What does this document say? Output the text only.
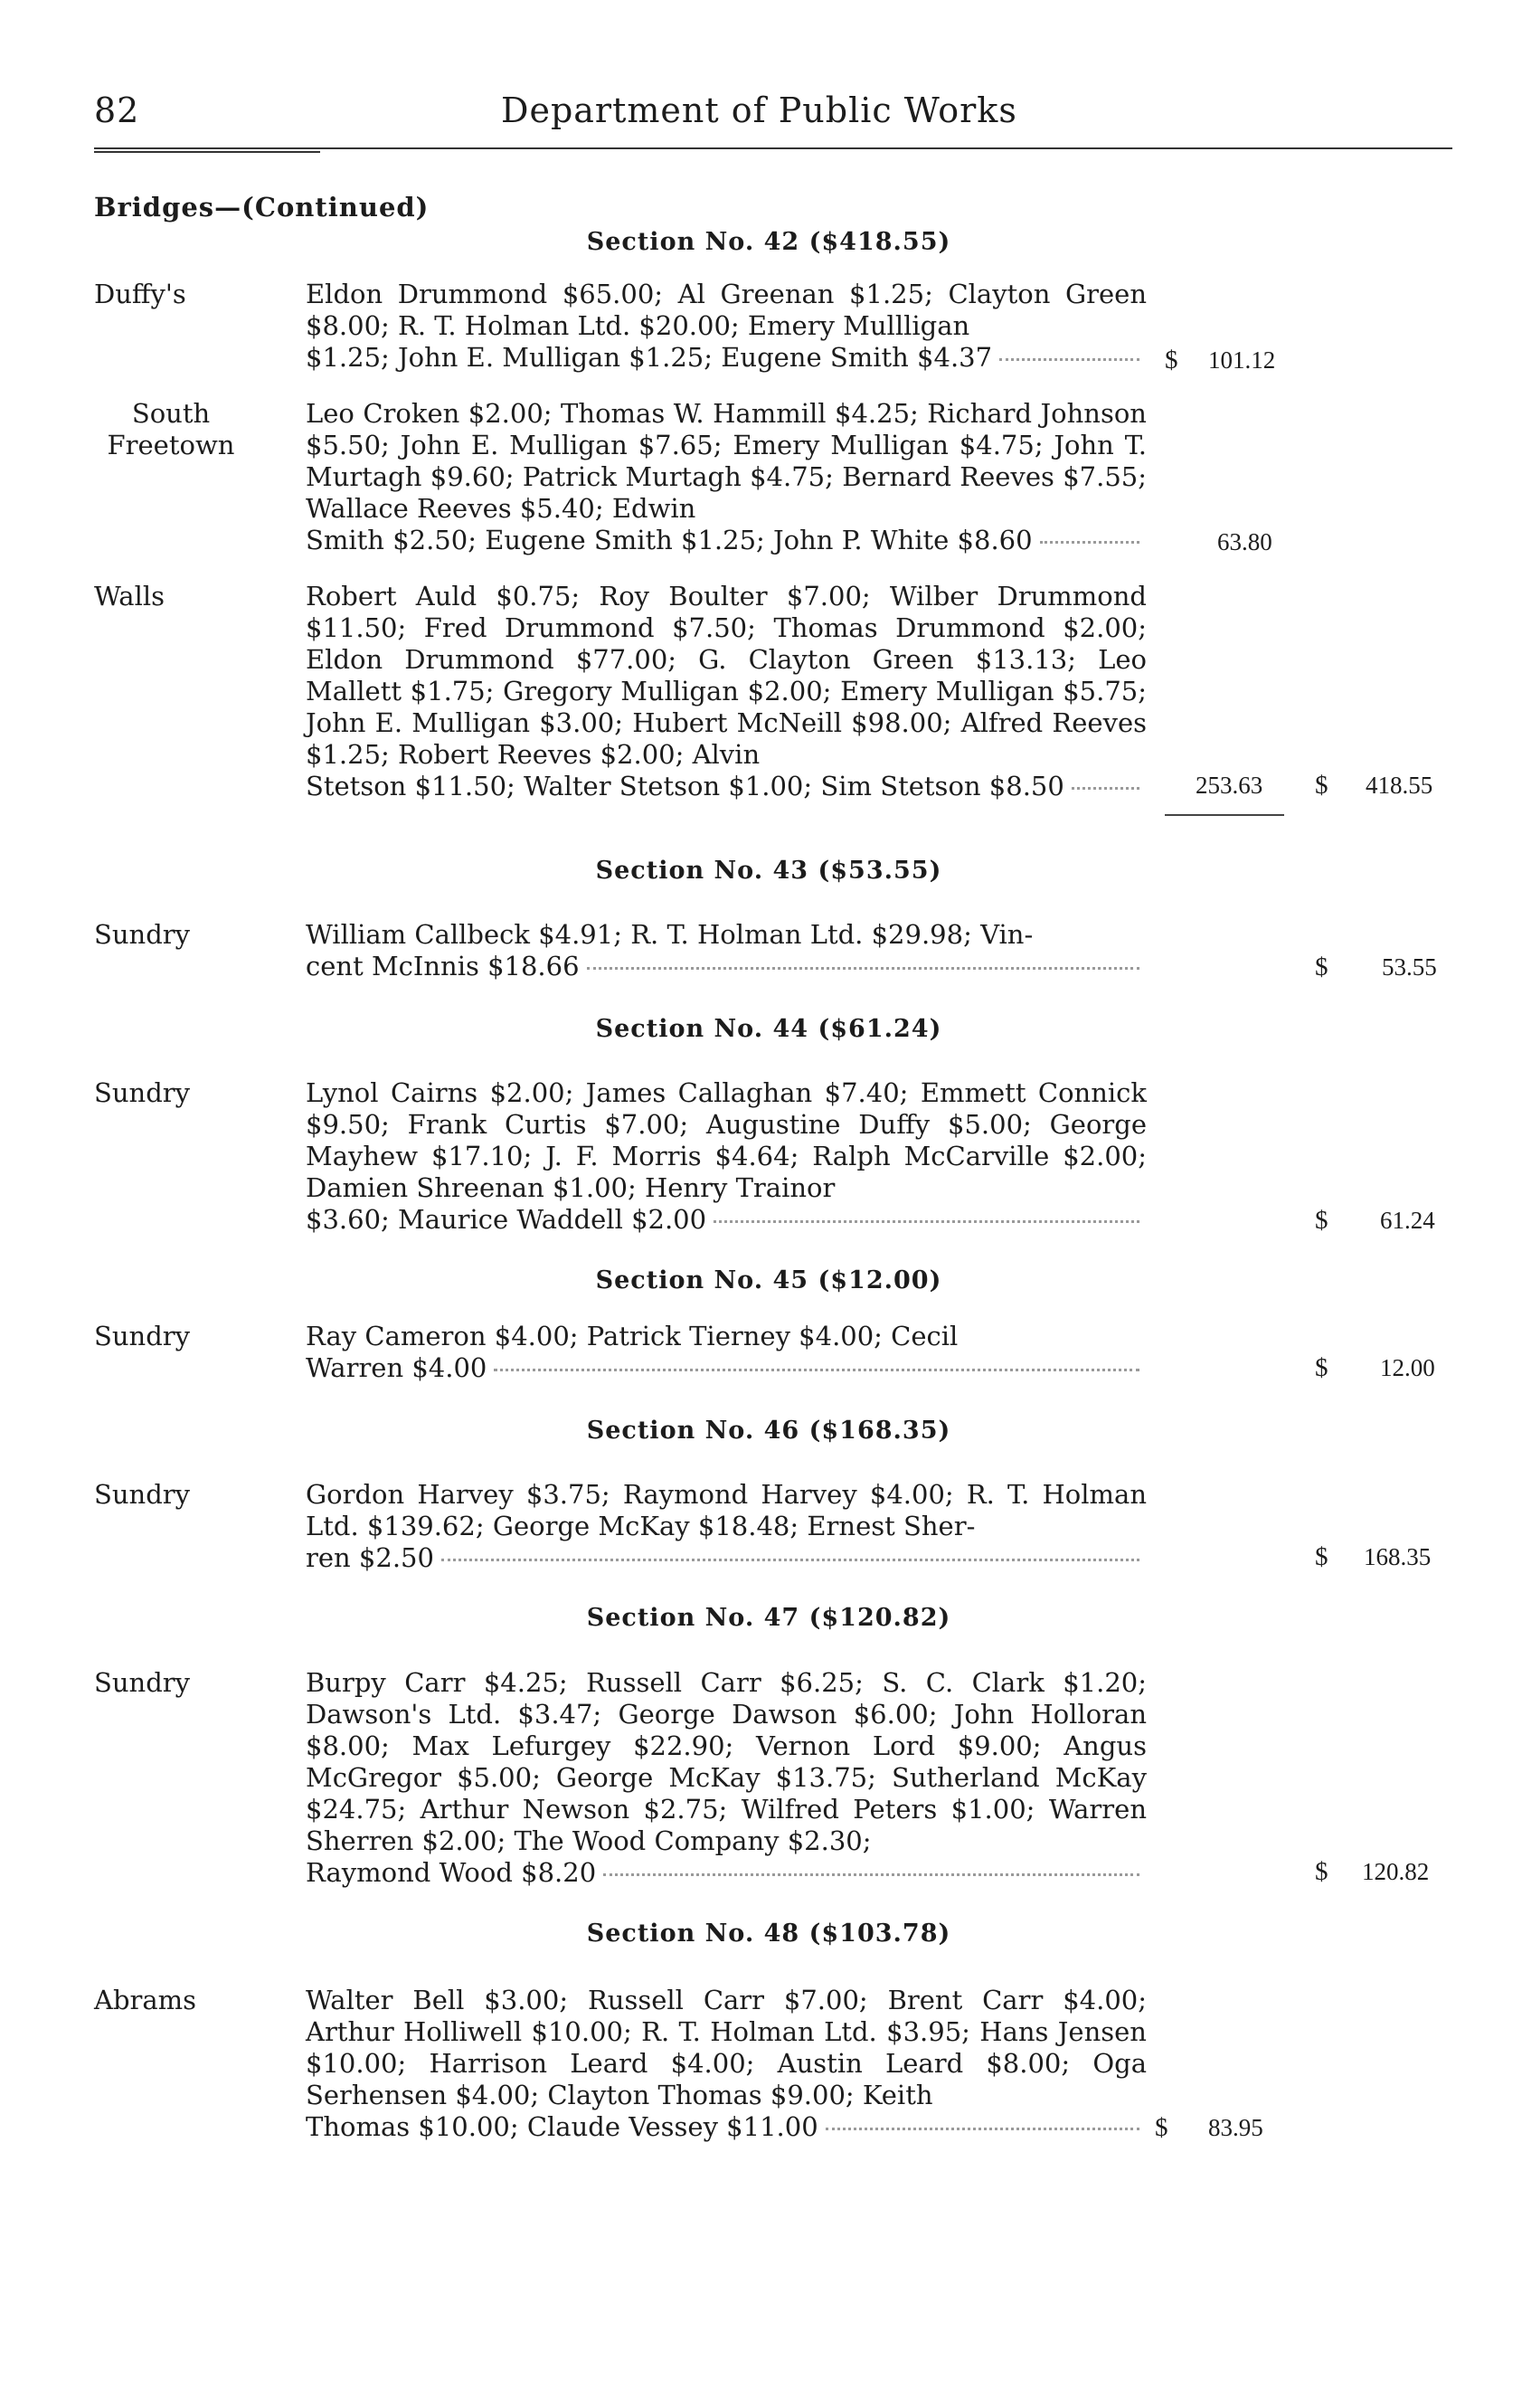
82	Department of Public Works
Bridges—(Continued)
Section No. 42 ($418.55)
Duffy's	Eldon Drummond $65.00; Al Greenan $1.25; Clayton Green $8.00; R. T. Holman Ltd. $20.00; Emery Mullligan
$1.25; John E. Mulligan $1.25; Eugene Smith $4.37	$ 101.12
South
Freetown
Leo Croken $2.00; Thomas W. Hammill $4.25; Richard Johnson $5.50; John E. Mulligan $7.65; Emery Mulligan $4.75; John T. Murtagh $9.60; Patrick Murtagh $4.75; Bernard Reeves $7.55; Wallace Reeves $5.40; Edwin
Smith $2.50; Eugene Smith $1.25; John P. White $8.60	63.80
Walls	Robert Auld $0.75; Roy Boulter $7.00; Wilber Drummond $11.50; Fred Drummond $7.50; Thomas Drummond $2.00; Eldon Drummond $77.00; G. Clayton Green $13.13; Leo Mallett $1.75; Gregory Mulligan $2.00; Emery Mulligan $5.75; John E. Mulligan $3.00; Hubert McNeill $98.00; Alfred Reeves $1.25; Robert Reeves $2.00; Alvin
Stetson $11.50; Walter Stetson $1.00; Sim Stetson $8.50	253.63 $ 418.55
Section No. 43 ($53.55)
Sundry	William Callbeck $4.91; R. T. Holman Ltd. $29.98; Vin-
cent McInnis $18.66	$ 53.55
Section No. 44 ($61.24)
Sundry	Lynol Cairns $2.00; James Callaghan $7.40; Emmett Connick $9.50; Frank Curtis $7.00; Augustine Duffy $5.00; George Mayhew $17.10; J. F. Morris $4.64; Ralph McCarville $2.00; Damien Shreenan $1.00; Henry Trainor
$3.60; Maurice Waddell $2.00	$ 61.24
Section No. 45 ($12.00)
Sundry	Ray Cameron $4.00; Patrick Tierney $4.00; Cecil
Warren $4.00	$ 12.00
Section No. 46 ($168.35)
Sundry	Gordon Harvey $3.75; Raymond Harvey $4.00; R. T. Holman Ltd. $139.62; George McKay $18.48; Ernest Sher-
ren $2.50	$ 168.35
Section No. 47 ($120.82)
Sundry	Burpy Carr $4.25; Russell Carr $6.25; S. C. Clark $1.20; Dawson's Ltd. $3.47; George Dawson $6.00; John Holloran $8.00; Max Lefurgey $22.90; Vernon Lord $9.00; Angus McGregor $5.00; George McKay $13.75; Sutherland McKay $24.75; Arthur Newson $2.75; Wilfred Peters $1.00; Warren Sherren $2.00; The Wood Company $2.30;
Raymond Wood $8.20	$ 120.82
Section No. 48 ($103.78)
Abrams	Walter Bell $3.00; Russell Carr $7.00; Brent Carr $4.00; Arthur Holliwell $10.00; R. T. Holman Ltd. $3.95; Hans Jensen $10.00; Harrison Leard $4.00; Austin Leard $8.00; Oga Serhensen $4.00; Clayton Thomas $9.00; Keith
Thomas $10.00; Claude Vessey $11.00	$ 83.95
